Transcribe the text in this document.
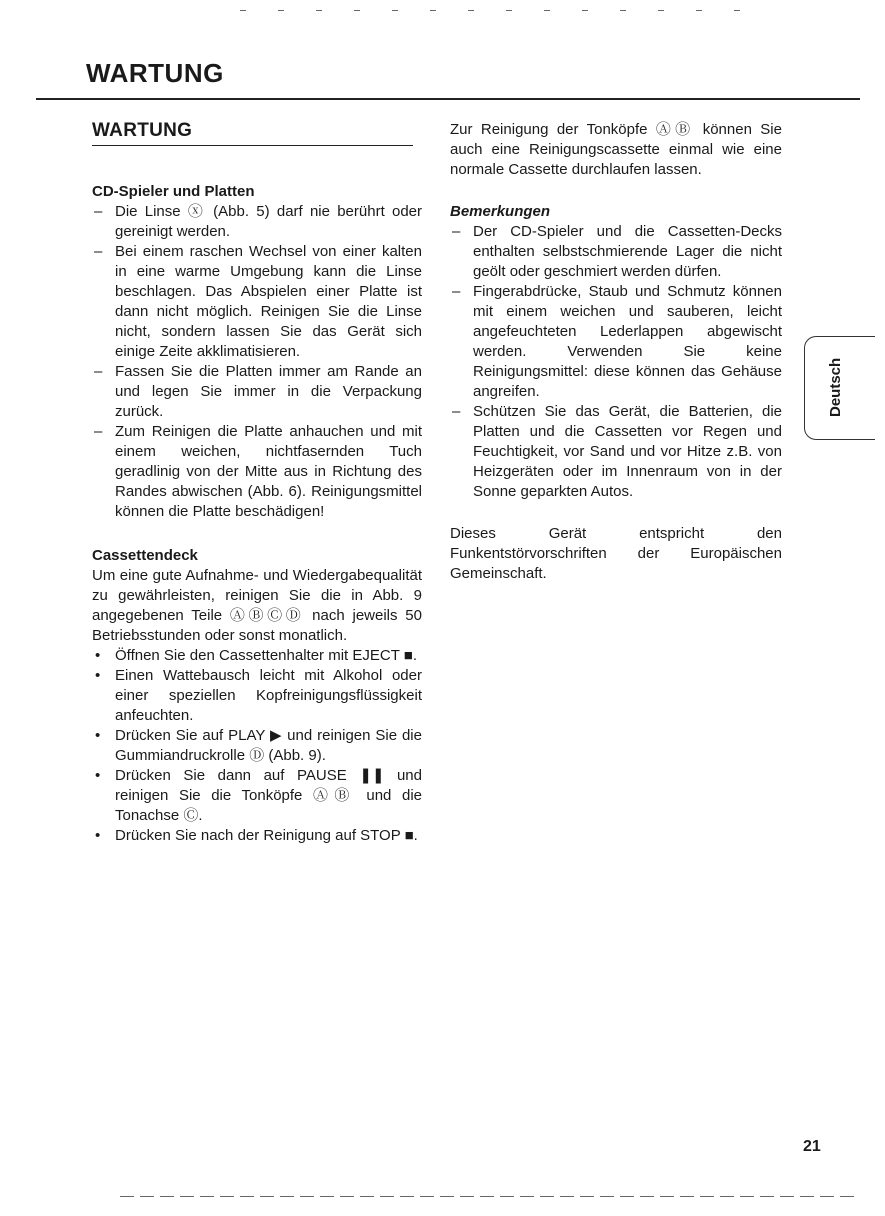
WARTUNG
WARTUNG
CD-Spieler und Platten
– Die Linse ⓧ (Abb. 5) darf nie berührt oder gereinigt werden.
– Bei einem raschen Wechsel von einer kalten in eine warme Umgebung kann die Linse beschlagen. Das Abspielen einer Platte ist dann nicht möglich. Reinigen Sie die Linse nicht, sondern lassen Sie das Gerät sich einige Zeite akklimatisieren.
– Fassen Sie die Platten immer am Rande an und legen Sie immer in die Verpackung zurück.
– Zum Reinigen die Platte anhauchen und mit einem weichen, nichtfasernden Tuch geradlinig von der Mitte aus in Richtung des Randes abwischen (Abb. 6). Reinigungsmittel können die Platte beschädigen!
Cassettendeck

Um eine gute Aufnahme- und Wiedergabequalität zu gewährleisten, reinigen Sie die in Abb. 9 angegebenen Teile ⒶⒷⒸⒹ nach jeweils 50 Betriebsstunden oder sonst monatlich.

• Öffnen Sie den Cassettenhalter mit EJECT ■.
• Einen Wattebausch leicht mit Alkohol oder einer speziellen Kopfreinigungsflüssigkeit anfeuchten.
• Drücken Sie auf PLAY ▶ und reinigen Sie die Gummiandruckrolle Ⓓ (Abb. 9).
• Drücken Sie dann auf PAUSE ❚❚ und reinigen Sie die Tonköpfe ⒶⒷ und die Tonachse Ⓒ.
• Drücken Sie nach der Reinigung auf STOP ■.

Zur Reinigung der Tonköpfe ⒶⒷ können Sie auch eine Reinigungscassette einmal wie eine normale Cassette durchlaufen lassen.

Bemerkungen
– Der CD-Spieler und die Cassetten-Decks enthalten selbstschmierende Lager die nicht geölt oder geschmiert werden dürfen.
– Fingerabdrücke, Staub und Schmutz können mit einem weichen und sauberen, leicht angefeuchteten Lederlappen abgewischt werden. Verwenden Sie keine Reinigungsmittel: diese können das Gehäuse angreifen.
– Schützen Sie das Gerät, die Batterien, die Platten und die Cassetten vor Regen und Feuchtigkeit, vor Sand und vor Hitze z.B. von Heizgeräten oder im Innenraum von in der Sonne geparkten Autos.

Dieses Gerät entspricht den Funkentstörvorschriften der Europäischen Gemeinschaft.

Deutsch
21
